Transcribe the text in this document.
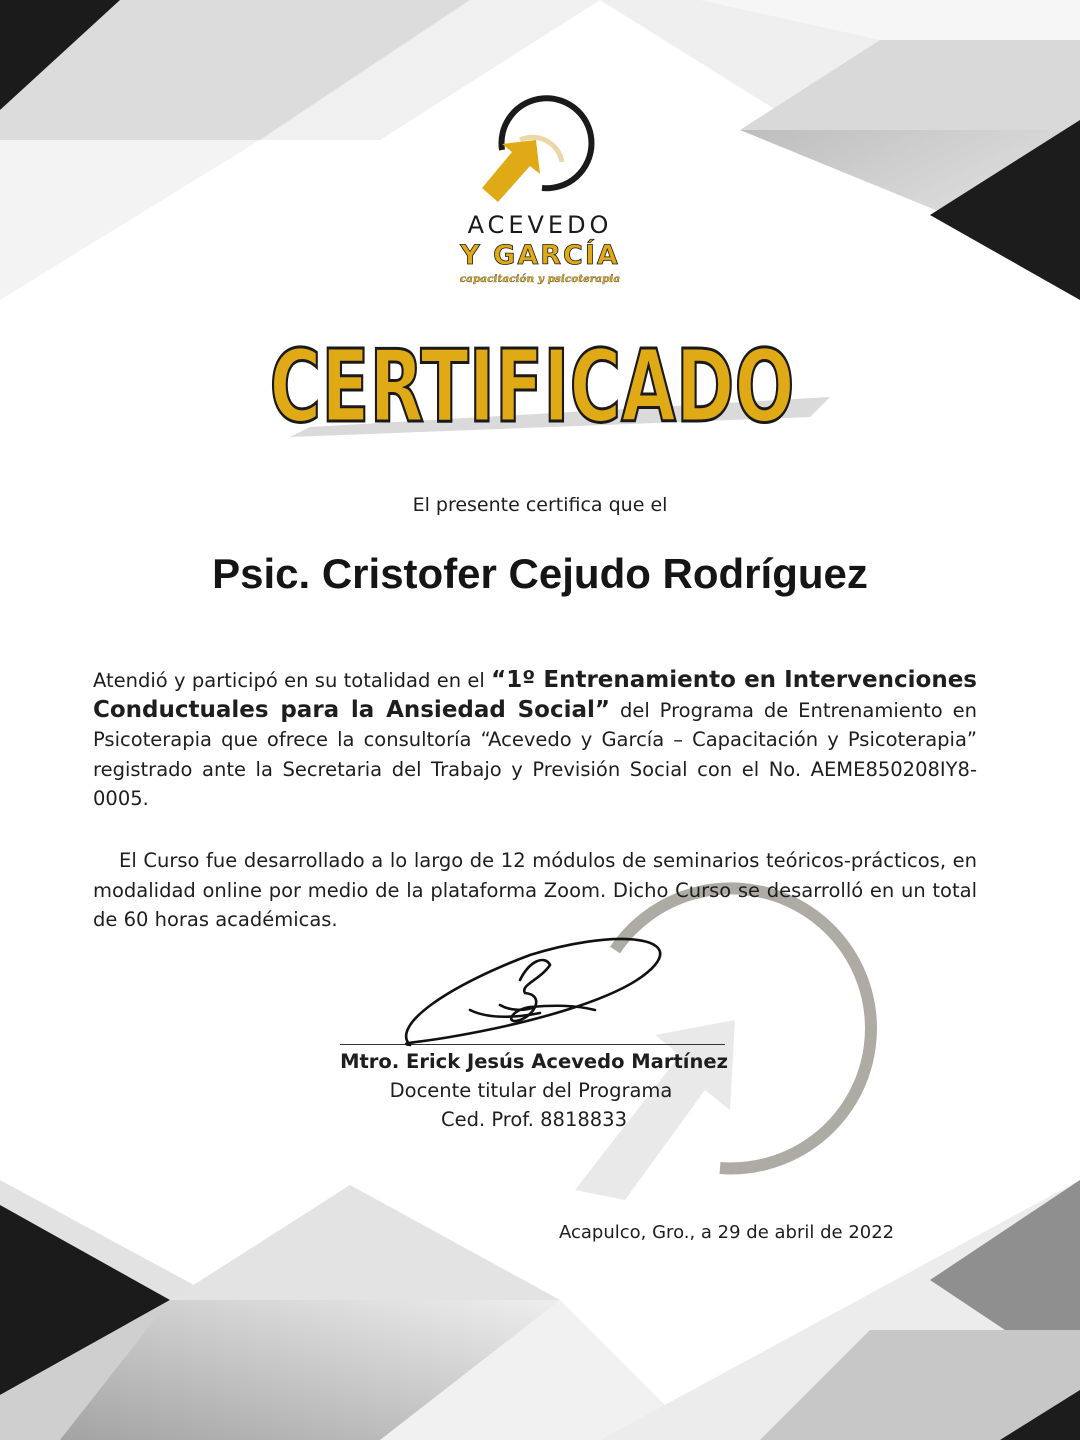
ACEVEDO
Y GARCÍA
capacitación y psicoterapia
CERTIFICADO
El presente certifica que el
Psic. Cristofer Cejudo Rodríguez
Atendió y participó en su totalidad en el “1º Entrenamiento en Intervenciones Conductuales para la Ansiedad Social” del Programa de Entrenamiento en Psicoterapia que ofrece la consultoría “Acevedo y García – Capacitación y Psicoterapia” registrado ante la Secretaria del Trabajo y Previsión Social con el No. AEME850208IY8-0005.
El Curso fue desarrollado a lo largo de 12 módulos de seminarios teóricos-prácticos, en modalidad online por medio de la plataforma Zoom. Dicho Curso se desarrolló en un total de 60 horas académicas.
Mtro. Erick Jesús Acevedo Martínez
Docente titular del Programa
Ced. Prof. 8818833
Acapulco, Gro., a 29 de abril de 2022
